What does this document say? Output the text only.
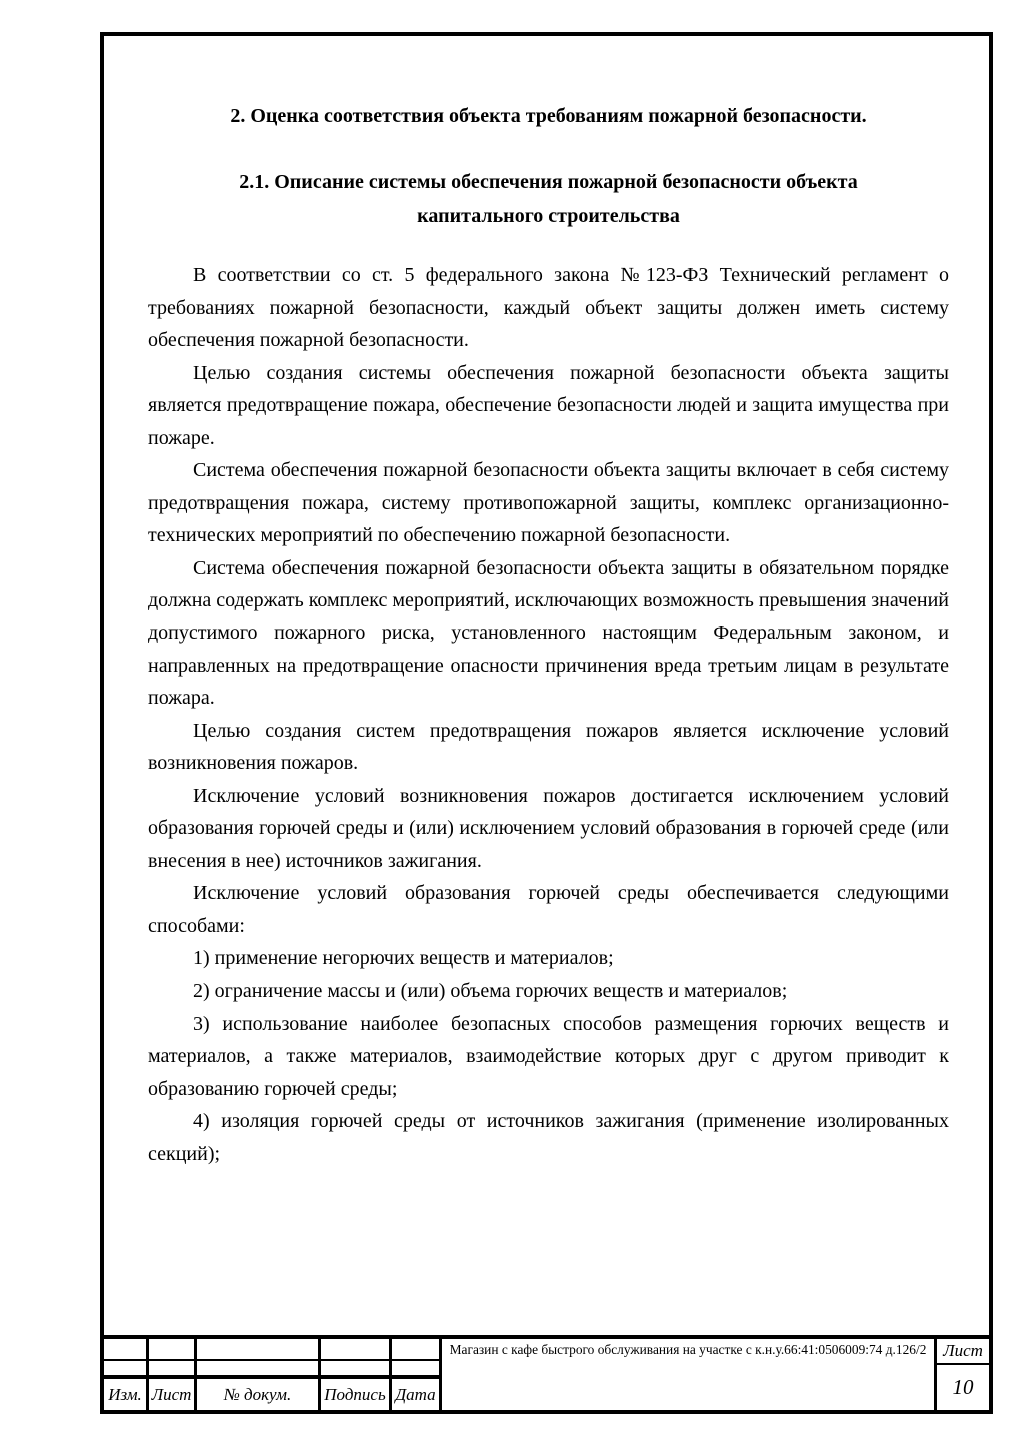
2. Оценка соответствия объекта требованиям пожарной безопасности.
2.1. Описание системы обеспечения пожарной безопасности объекта
капитального строительства

В соответствии со ст. 5 федерального закона №123-ФЗ Технический регламент о требованиях пожарной безопасности, каждый объект защиты должен иметь систему обеспечения пожарной безопасности.

Целью создания системы обеспечения пожарной безопасности объекта защиты является предотвращение пожара, обеспечение безопасности людей и защита имущества при пожаре.

Система обеспечения пожарной безопасности объекта защиты включает в себя систему предотвращения пожара, систему противопожарной защиты, комплекс организационно-технических мероприятий по обеспечению пожарной безопасности.

Система обеспечения пожарной безопасности объекта защиты в обязательном порядке должна содержать комплекс мероприятий, исключающих возможность превышения значений допустимого пожарного риска, установленного настоящим Федеральным законом, и направленных на предотвращение опасности причинения вреда третьим лицам в результате пожара.

Целью создания систем предотвращения пожаров является исключение условий возникновения пожаров.

Исключение условий возникновения пожаров достигается исключением условий образования горючей среды и (или) исключением условий образования в горючей среде (или внесения в нее) источников зажигания.

Исключение условий образования горючей среды обеспечивается следующими способами:

1) применение негорючих веществ и материалов;

2) ограничение массы и (или) объема горючих веществ и материалов;

3) использование наиболее безопасных способов размещения горючих веществ и материалов, а также материалов, взаимодействие которых друг с другом приводит к образованию горючей среды;

4) изоляция горючей среды от источников зажигания (применение изолированных секций);

Изм. Лист	№ докум.	Подпись Дата
Магазин с кафе быстрого обслуживания на участке с к.н.у.66:41:0506009:74 д.126/2 Лист
10
